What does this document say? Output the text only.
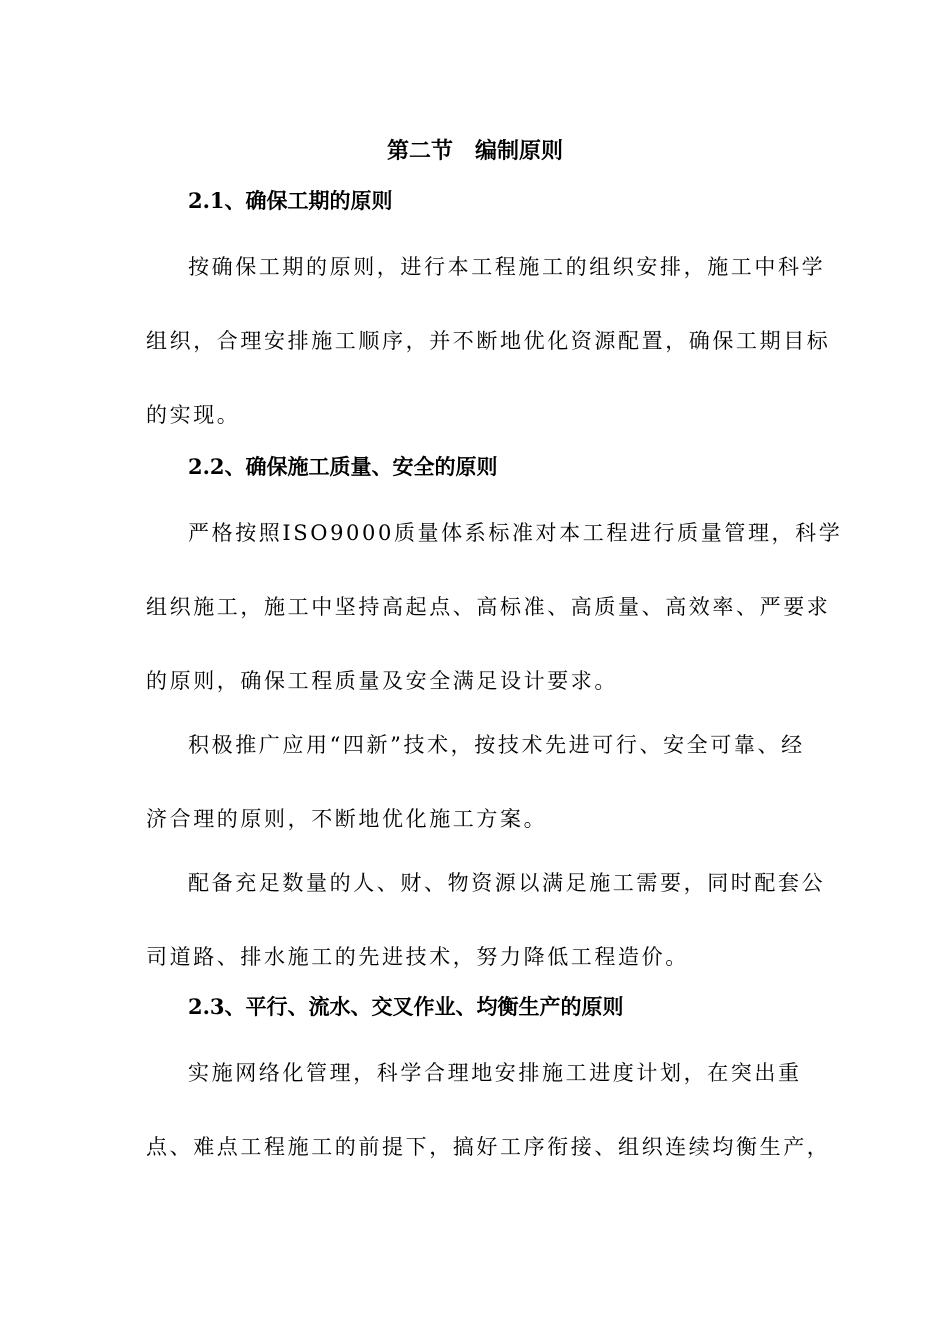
第二节　编制原则
2.1、确保工期的原则
按确保工期的原则，进行本工程施工的组织安排，施工中科学
组织，合理安排施工顺序，并不断地优化资源配置，确保工期目标
的实现。
2.2、确保施工质量、安全的原则
严格按照ISO9000质量体系标准对本工程进行质量管理，科学
组织施工，施工中坚持高起点、高标准、高质量、高效率、严要求
的原则，确保工程质量及安全满足设计要求。
积极推广应用“四新”技术，按技术先进可行、安全可靠、经
济合理的原则，不断地优化施工方案。
配备充足数量的人、财、物资源以满足施工需要，同时配套公
司道路、排水施工的先进技术，努力降低工程造价。
2.3、平行、流水、交叉作业、均衡生产的原则
实施网络化管理，科学合理地安排施工进度计划，在突出重
点、难点工程施工的前提下，搞好工序衔接、组织连续均衡生产，
